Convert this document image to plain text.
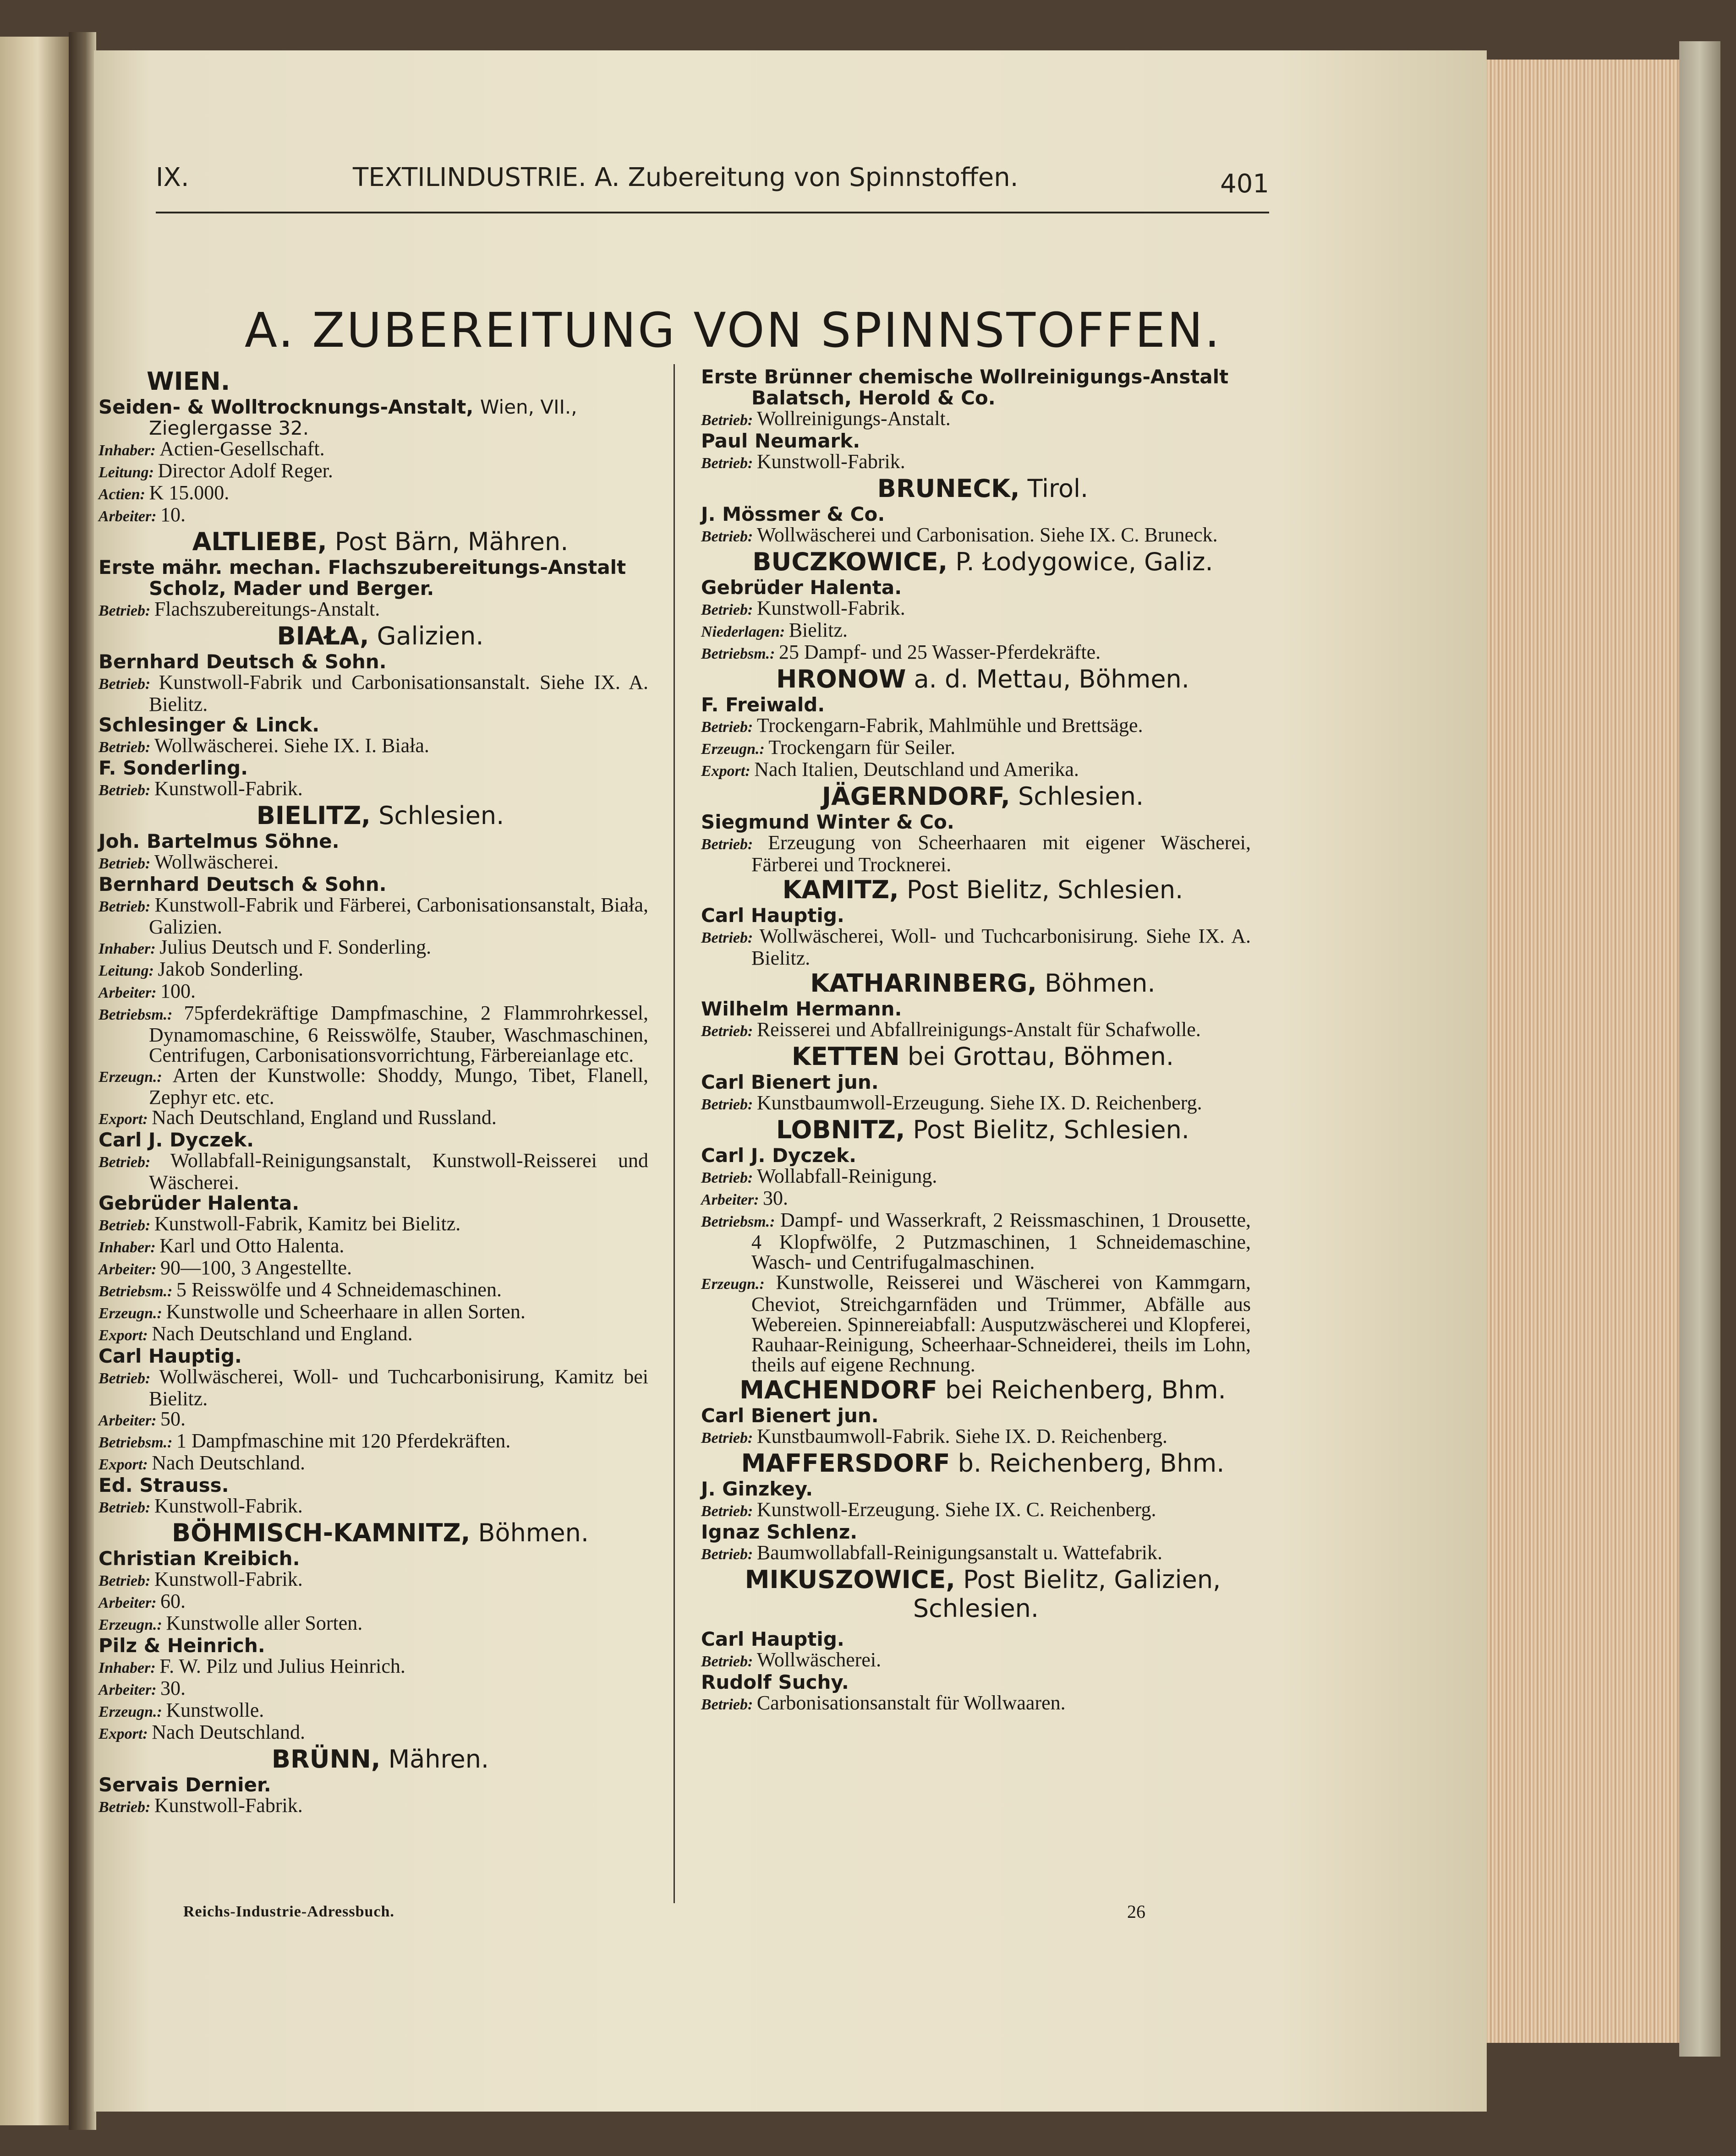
IX.	TEXTILINDUSTRIE. A. Zubereitung von Spinnstoffen.	401
A. ZUBEREITUNG VON SPINNSTOFFEN.
WIEN.
Seiden- & Wolltrocknungs-Anstalt, Wien, VII., Zieglergasse 32.
Inhaber: Actien-Gesellschaft.
Leitung: Director Adolf Reger.
Actien: K 15.000.
Arbeiter: 10.
ALTLIEBE, Post Bärn, Mähren.
Erste mähr. mechan. Flachszubereitungs-Anstalt Scholz, Mader und Berger.
Betrieb: Flachszubereitungs-Anstalt.
BIAŁA, Galizien.
Bernhard Deutsch & Sohn.
Betrieb: Kunstwoll-Fabrik und Carbonisationsanstalt. Siehe IX. A. Bielitz.
Schlesinger & Linck.
Betrieb: Wollwäscherei. Siehe IX. I. Biała.
F. Sonderling.
Betrieb: Kunstwoll-Fabrik.
BIELITZ, Schlesien.
Joh. Bartelmus Söhne.
Betrieb: Wollwäscherei.
Bernhard Deutsch & Sohn.
Betrieb: Kunstwoll-Fabrik und Färberei, Carbonisationsanstalt, Biała, Galizien.
Inhaber: Julius Deutsch und F. Sonderling.
Leitung: Jakob Sonderling.
Arbeiter: 100.
Betriebsm.: 75pferdekräftige Dampfmaschine, 2 Flammrohrkessel, Dynamomaschine, 6 Reisswölfe, Stauber, Waschmaschinen, Centrifugen, Carbonisationsvorrichtung, Färbereianlage etc.
Erzeugn.: Arten der Kunstwolle: Shoddy, Mungo, Tibet, Flanell, Zephyr etc. etc.
Export: Nach Deutschland, England und Russland.
Carl J. Dyczek.
Betrieb: Wollabfall-Reinigungsanstalt, Kunstwoll-Reisserei und Wäscherei.
Gebrüder Halenta.
Betrieb: Kunstwoll-Fabrik, Kamitz bei Bielitz.
Inhaber: Karl und Otto Halenta.
Arbeiter: 90—100, 3 Angestellte.
Betriebsm.: 5 Reisswölfe und 4 Schneidemaschinen.
Erzeugn.: Kunstwolle und Scheerhaare in allen Sorten.
Export: Nach Deutschland und England.
Carl Hauptig.
Betrieb: Wollwäscherei, Woll- und Tuchcarbonisirung, Kamitz bei Bielitz.
Arbeiter: 50.
Betriebsm.: 1 Dampfmaschine mit 120 Pferdekräften.
Export: Nach Deutschland.
Ed. Strauss.
Betrieb: Kunstwoll-Fabrik.
BÖHMISCH-KAMNITZ, Böhmen.
Christian Kreibich.
Betrieb: Kunstwoll-Fabrik.
Arbeiter: 60.
Erzeugn.: Kunstwolle aller Sorten.
Pilz & Heinrich.
Inhaber: F. W. Pilz und Julius Heinrich.
Arbeiter: 30.
Erzeugn.: Kunstwolle.
Export: Nach Deutschland.
BRÜNN, Mähren.
Servais Dernier.
Betrieb: Kunstwoll-Fabrik.
Erste Brünner chemische Wollreinigungs-Anstalt Balatsch, Herold & Co.
Betrieb: Wollreinigungs-Anstalt.
Paul Neumark.
Betrieb: Kunstwoll-Fabrik.
BRUNECK, Tirol.
J. Mössmer & Co.
Betrieb: Wollwäscherei und Carbonisation. Siehe IX. C. Bruneck.
BUCZKOWICE, P. Łodygowice, Galiz.
Gebrüder Halenta.
Betrieb: Kunstwoll-Fabrik.
Niederlagen: Bielitz.
Betriebsm.: 25 Dampf- und 25 Wasser-Pferdekräfte.
HRONOW a. d. Mettau, Böhmen.
F. Freiwald.
Betrieb: Trockengarn-Fabrik, Mahlmühle und Brettsäge.
Erzeugn.: Trockengarn für Seiler.
Export: Nach Italien, Deutschland und Amerika.
JÄGERNDORF, Schlesien.
Siegmund Winter & Co.
Betrieb: Erzeugung von Scheerhaaren mit eigener Wäscherei, Färberei und Trocknerei.
KAMITZ, Post Bielitz, Schlesien.
Carl Hauptig.
Betrieb: Wollwäscherei, Woll- und Tuchcarbonisirung. Siehe IX. A. Bielitz.
KATHARINBERG, Böhmen.
Wilhelm Hermann.
Betrieb: Reisserei und Abfallreinigungs-Anstalt für Schafwolle.
KETTEN bei Grottau, Böhmen.
Carl Bienert jun.
Betrieb: Kunstbaumwoll-Erzeugung. Siehe IX. D. Reichenberg.
LOBNITZ, Post Bielitz, Schlesien.
Carl J. Dyczek.
Betrieb: Wollabfall-Reinigung.
Arbeiter: 30.
Betriebsm.: Dampf- und Wasserkraft, 2 Reissmaschinen, 1 Drousette, 4 Klopfwölfe, 2 Putzmaschinen, 1 Schneidemaschine, Wasch- und Centrifugalmaschinen.
Erzeugn.: Kunstwolle, Reisserei und Wäscherei von Kammgarn, Cheviot, Streichgarnfäden und Trümmer, Abfälle aus Webereien. Spinnereiabfall: Ausputzwäscherei und Klopferei, Rauhaar-Reinigung, Scheerhaar-Schneiderei, theils im Lohn, theils auf eigene Rechnung.
MACHENDORF bei Reichenberg, Bhm.
Carl Bienert jun.
Betrieb: Kunstbaumwoll-Fabrik. Siehe IX. D. Reichenberg.
MAFFERSDORF b. Reichenberg, Bhm.
J. Ginzkey.
Betrieb: Kunstwoll-Erzeugung. Siehe IX. C. Reichenberg.
Ignaz Schlenz.
Betrieb: Baumwollabfall-Reinigungsanstalt u. Wattefabrik.
MIKUSZOWICE, Post Bielitz, Galizien,
Schlesien.
Carl Hauptig.
Betrieb: Wollwäscherei.
Rudolf Suchy.
Betrieb: Carbonisationsanstalt für Wollwaaren.
Reichs-Industrie-Adressbuch.	26
